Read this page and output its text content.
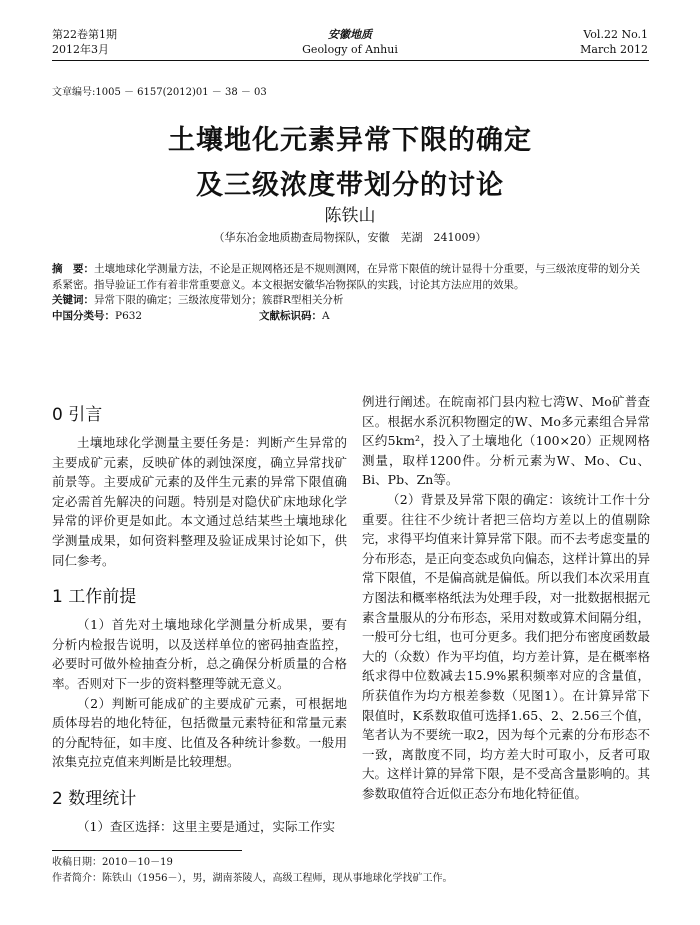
第22卷第1期
2012年3月
安徽地质
Geology of Anhui
Vol.22 No.1
March 2012
文章编号:1005 － 6157(2012)01 － 38 － 03
土壤地化元素异常下限的确定
及三级浓度带划分的讨论
陈铁山
（华东冶金地质勘查局物探队，安徽　芜湖　241009）
摘　要：土壤地球化学测量方法，不论是正规网格还是不规则测网，在异常下限值的统计显得十分重要，与三级浓度带的划分关系紧密。指导验证工作有着非常重要意义。本文根据安徽华冶物探队的实践，讨论其方法应用的效果。
关键词：异常下限的确定；三级浓度带划分；簇群R型相关分析
中国分类号：P632	文献标识码：A
0 引言

土壤地球化学测量主要任务是：判断产生异常的主要成矿元素，反映矿体的剥蚀深度，确立异常找矿前景等。主要成矿元素的及伴生元素的异常下限值确定必需首先解决的问题。特别是对隐伏矿床地球化学异常的评价更是如此。本文通过总结某些土壤地球化学测量成果，如何资料整理及验证成果讨论如下，供同仁参考。

1 工作前提

（1）首先对土壤地球化学测量分析成果，要有分析内检报告说明，以及送样单位的密码抽查监控，必要时可做外检抽查分析，总之确保分析质量的合格率。否则对下一步的资料整理等就无意义。

（2）判断可能成矿的主要成矿元素，可根据地质体母岩的地化特征，包括微量元素特征和常量元素的分配特征，如丰度、比值及各种统计参数。一般用浓集克拉克值来判断是比较理想。

2 数理统计

（1）查区选择：这里主要是通过，实际工作实

例进行阐述。在皖南祁门县内粒七湾W、Mo矿普查区。根据水系沉积物圈定的W、Mo多元素组合异常区约5km²，投入了土壤地化（100×20）正规网格测量，取样1200件。分析元素为W、Mo、Cu、Bi、Pb、Zn等。

（2）背景及异常下限的确定：该统计工作十分重要。往往不少统计者把三倍均方差以上的值剔除完，求得平均值来计算异常下限。而不去考虑变量的分布形态，是正向变态或负向偏态，这样计算出的异常下限值，不是偏高就是偏低。所以我们本次采用直方图法和概率格纸法为处理手段，对一批数据根据元素含量服从的分布形态，采用对数或算术间隔分组，一般可分七组，也可分更多。我们把分布密度函数最大的（众数）作为平均值，均方差计算，是在概率格纸求得中位数减去15.9%累积频率对应的含量值，所获值作为均方根差参数（见图1）。在计算异常下限值时，K系数取值可选择1.65、2、2.56三个值，笔者认为不要统一取2，因为每个元素的分布形态不一致，离散度不同，均方差大时可取小，反者可取大。这样计算的异常下限，是不受高含量影响的。其参数取值符合近似正态分布地化特征值。

收稿日期：2010－10－19
作者简介：陈铁山（1956－），男，湖南茶陵人，高级工程师，现从事地球化学找矿工作。
